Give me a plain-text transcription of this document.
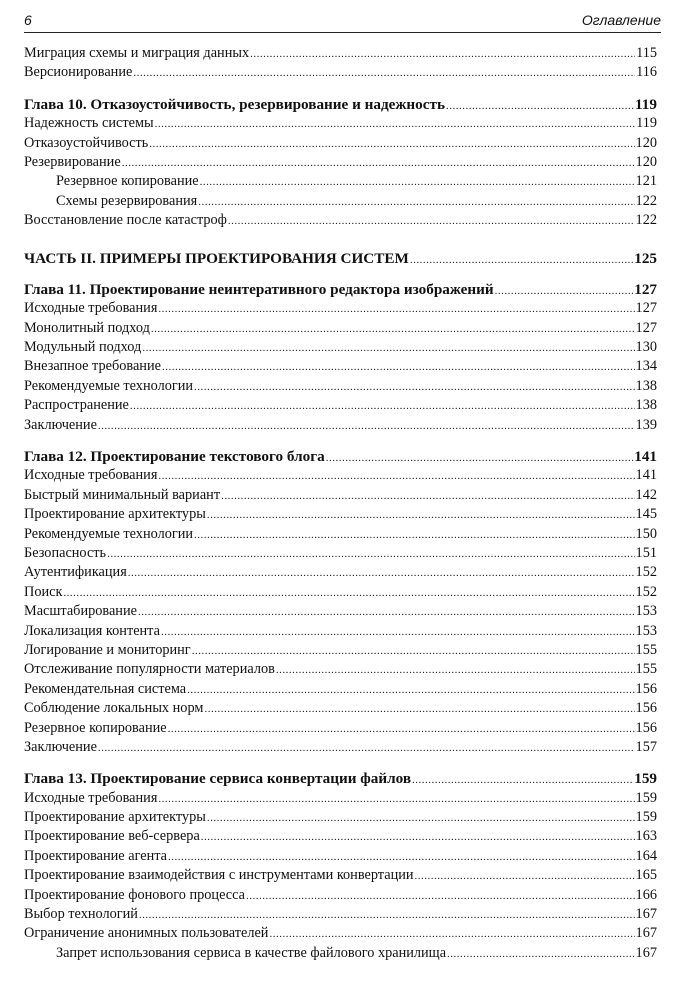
6	Оглавление
Миграция схемы и миграция данных .....	115
Версионирование .....	116
Глава 10. Отказоустойчивость, резервирование и надежность .....	119
Надежность системы .....	119
Отказоустойчивость .....	120
Резервирование .....	120
Резервное копирование .....	121
Схемы резервирования .....	122
Восстановление после катастроф .....	122
ЧАСТЬ II. ПРИМЕРЫ ПРОЕКТИРОВАНИЯ СИСТЕМ .....	125
Глава 11. Проектирование неинтеративного редактора изображений .....	127
Исходные требования .....	127
Монолитный подход .....	127
Модульный подход .....	130
Внезапное требование .....	134
Рекомендуемые технологии .....	138
Распространение .....	138
Заключение .....	139
Глава 12. Проектирование текстового блога .....	141
Исходные требования .....	141
Быстрый минимальный вариант .....	142
Проектирование архитектуры .....	145
Рекомендуемые технологии .....	150
Безопасность .....	151
Аутентификация .....	152
Поиск .....	152
Масштабирование .....	153
Локализация контента .....	153
Логирование и мониторинг .....	155
Отслеживание популярности материалов .....	155
Рекомендательная система .....	156
Соблюдение локальных норм .....	156
Резервное копирование .....	156
Заключение .....	157
Глава 13. Проектирование сервиса конвертации файлов .....	159
Исходные требования .....	159
Проектирование архитектуры .....	159
Проектирование веб-сервера .....	163
Проектирование агента .....	164
Проектирование взаимодействия с инструментами конвертации .....	165
Проектирование фонового процесса .....	166
Выбор технологий .....	167
Ограничение анонимных пользователей .....	167
Запрет использования сервиса в качестве файлового хранилища .....	167
